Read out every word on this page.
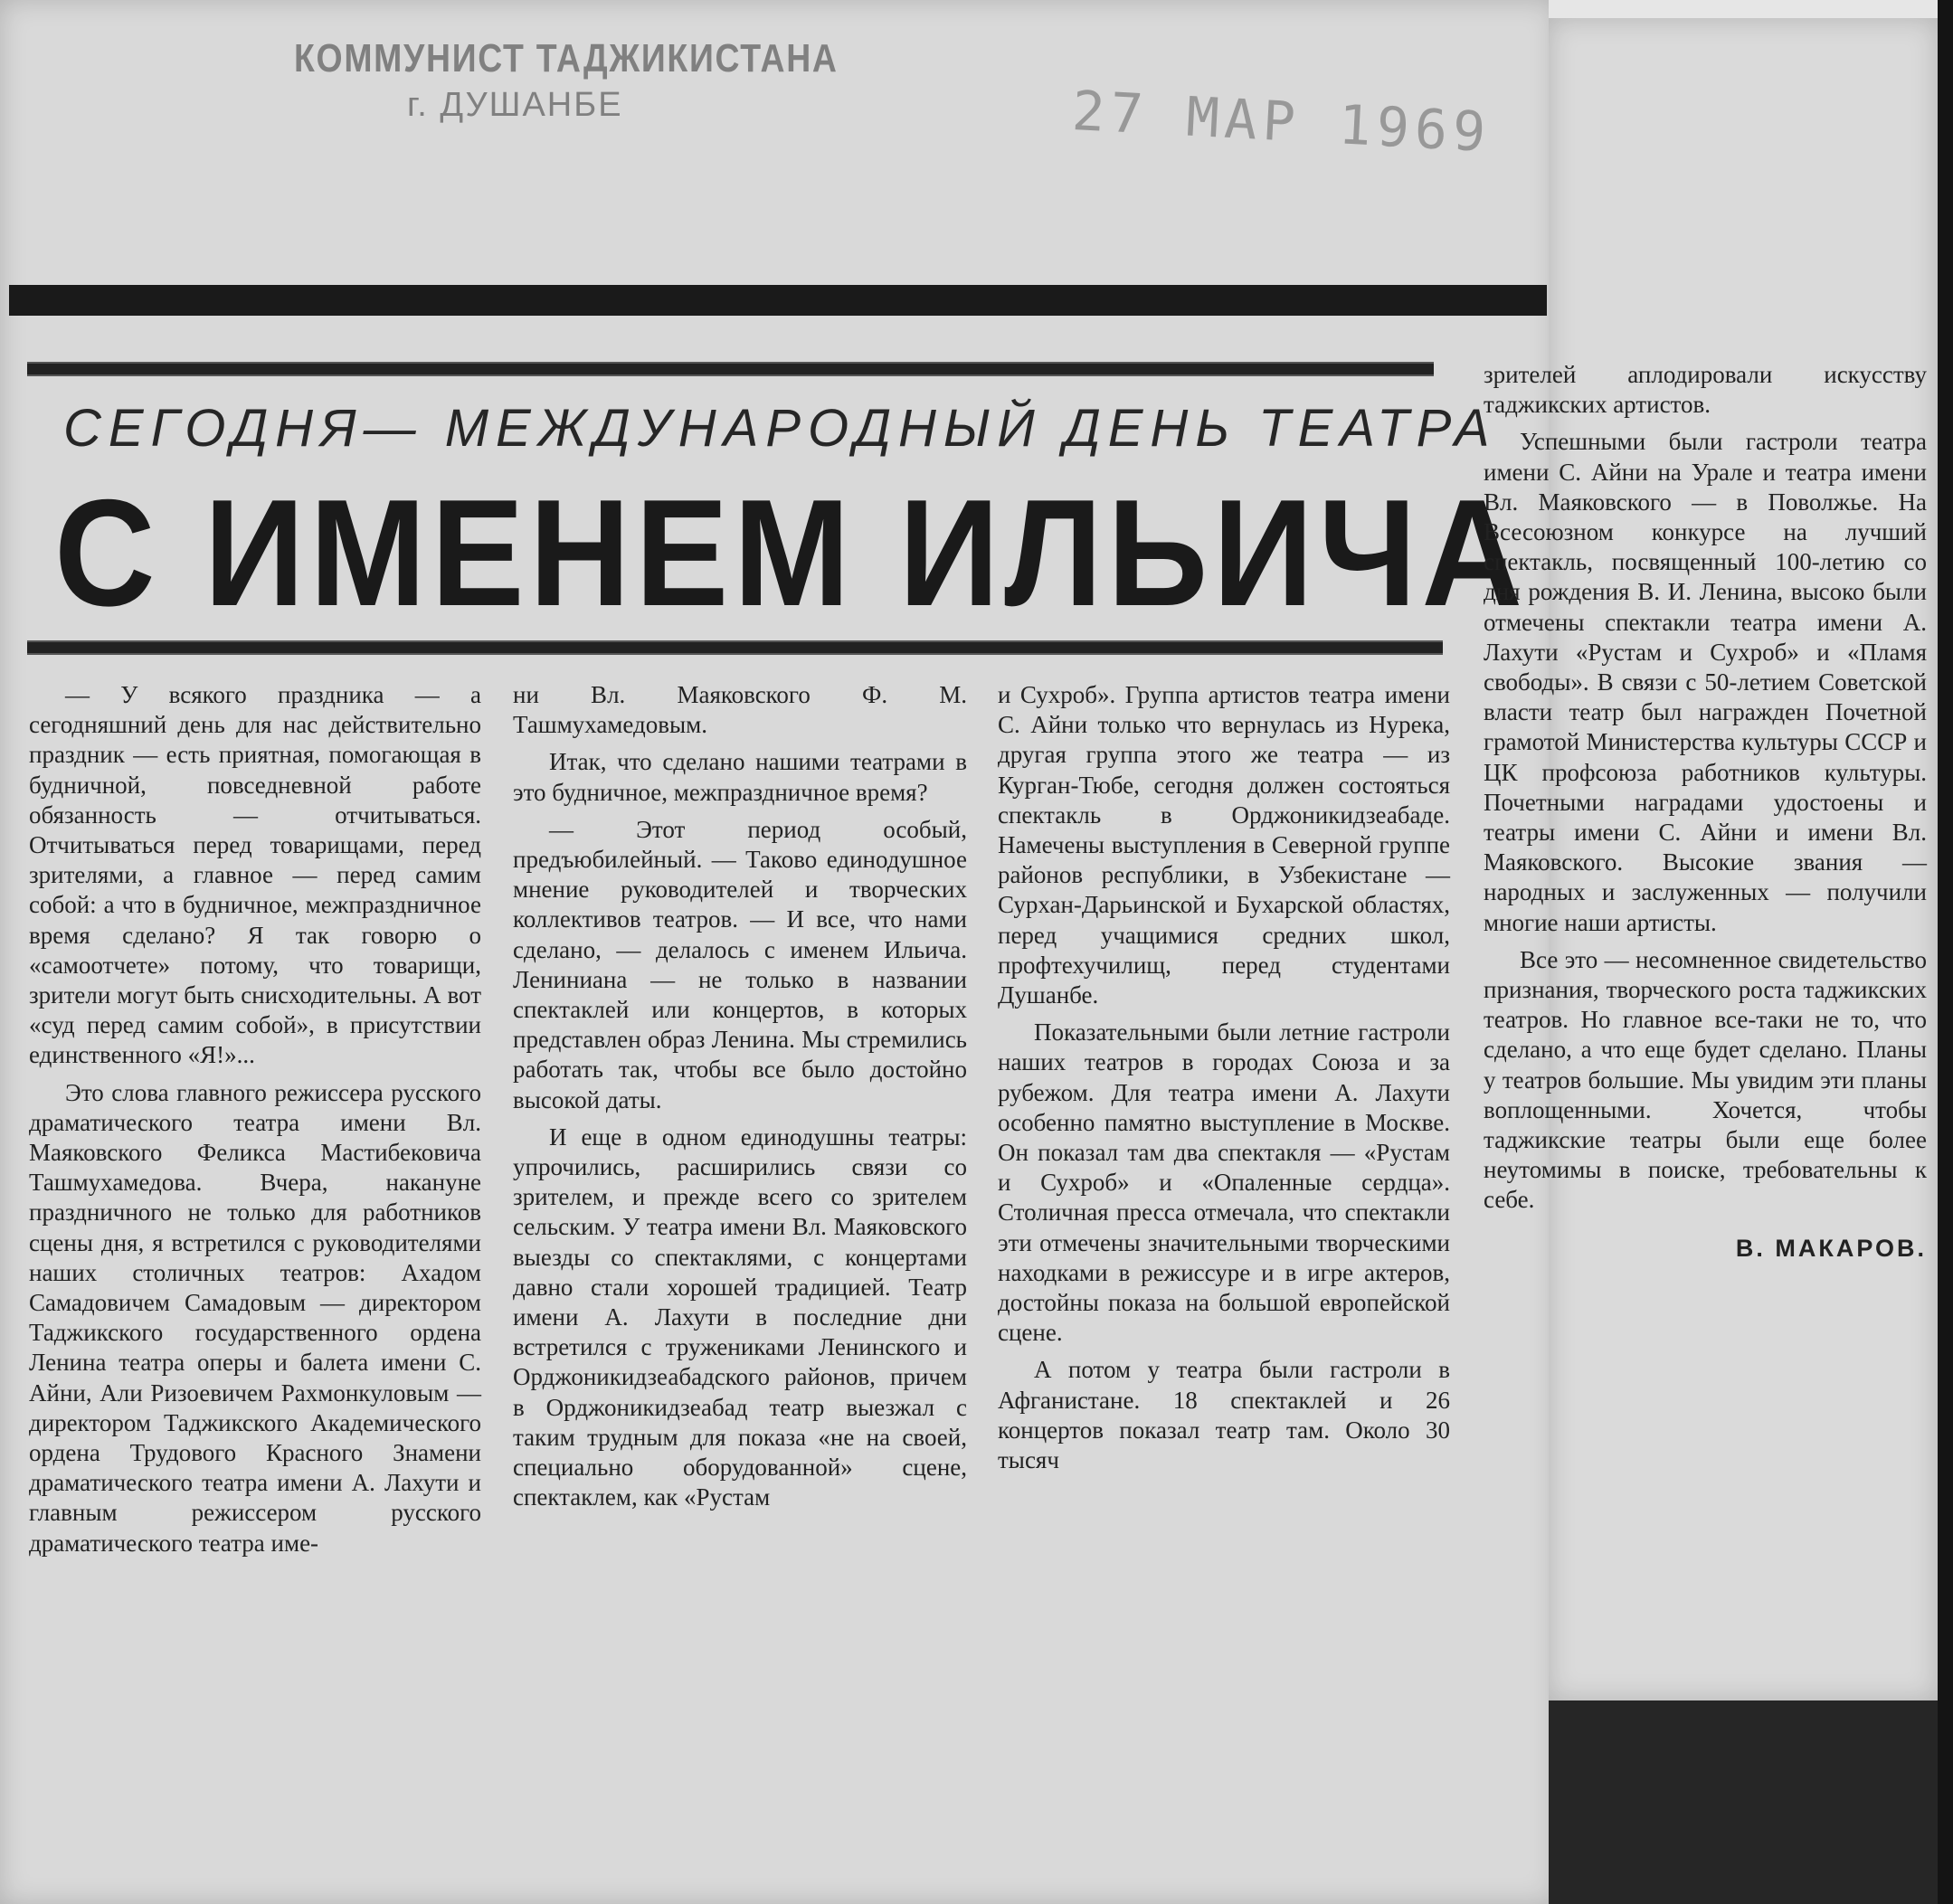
КОММУНИСТ ТАДЖИКИСТАНА
г. ДУШАНБЕ	27 МАР 1969
СЕГОДНЯ— МЕЖДУНАРОДНЫЙ ДЕНЬ ТЕАТРА
С ИМЕНЕМ ИЛЬИЧА

— У всякого праздника — а сегодняшний день для нас действительно праздник — есть приятная, помогающая в будничной, повседневной работе обязанность — отчитываться. Отчитываться перед товарищами, перед зрителями, а главное — перед самим собой: а что в будничное, межпраздничное время сделано? Я так говорю о «самоотчете» потому, что товарищи, зрители могут быть снисходительны. А вот «суд перед самим собой», в присутствии единственного «Я!»...

Это слова главного режиссера русского драматического театра имени Вл. Маяковского Феликса Мастибековича Ташмухамедова. Вчера, накануне праздничного не только для работников сцены дня, я встретился с руководителями наших столичных театров: Ахадом Самадовичем Самадовым — директором Таджикского государственного ордена Ленина театра оперы и балета имени С. Айни, Али Ризоевичем Рахмонкуловым — директором Таджикского Академического ордена Трудового Красного Знамени драматического театра имени А. Лахути и главным режиссером русского драматического театра име-

ни Вл. Маяковского Ф. М. Ташмухамедовым.

Итак, что сделано нашими театрами в это будничное, межпраздничное время?

— Этот период особый, предъюбилейный. — Таково единодушное мнение руководителей и творческих коллективов театров. — И все, что нами сделано, — делалось с именем Ильича. Лениниана — не только в названии спектаклей или концертов, в которых представлен образ Ленина. Мы стремились работать так, чтобы все было достойно высокой даты.

И еще в одном единодушны театры: упрочились, расширились связи со зрителем, и прежде всего со зрителем сельским. У театра имени Вл. Маяковского выезды со спектаклями, с концертами давно стали хорошей традицией. Театр имени А. Лахути в последние дни встретился с тружениками Ленинского и Орджоникидзеабадского районов, причем в Орджоникидзеабад театр выезжал с таким трудным для показа «не на своей, специально оборудованной» сцене, спектаклем, как «Рустам

и Сухроб». Группа артистов театра имени С. Айни только что вернулась из Нурека, другая группа этого же театра — из Курган-Тюбе, сегодня должен состояться спектакль в Орджоникидзеабаде. Намечены выступления в Северной группе районов республики, в Узбекистане — Сурхан-Дарьинской и Бухарской областях, перед учащимися средних школ, профтехучилищ, перед студентами Душанбе.

Показательными были летние гастроли наших театров в городах Союза и за рубежом. Для театра имени А. Лахути особенно памятно выступление в Москве. Он показал там два спектакля — «Рустам и Сухроб» и «Опаленные сердца». Столичная пресса отмечала, что спектакли эти отмечены значительными творческими находками в режиссуре и в игре актеров, достойны показа на большой европейской сцене.

А потом у театра были гастроли в Афганистане. 18 спектаклей и 26 концертов показал театр там. Около 30 тысяч

зрителей аплодировали искусству таджикских артистов.

Успешными были гастроли театра имени С. Айни на Урале и театра имени Вл. Маяковского — в Поволжье. На Всесоюзном конкурсе на лучший спектакль, посвященный 100-летию со дня рождения В. И. Ленина, высоко были отмечены спектакли театра имени А. Лахути «Рустам и Сухроб» и «Пламя свободы». В связи с 50-летием Советской власти театр был награжден Почетной грамотой Министерства культуры СССР и ЦК профсоюза работников культуры. Почетными наградами удостоены и театры имени С. Айни и имени Вл. Маяковского. Высокие звания — народных и заслуженных — получили многие наши артисты.

Все это — несомненное свидетельство признания, творческого роста таджикских театров. Но главное все-таки не то, что сделано, а что еще будет сделано. Планы у театров большие. Мы увидим эти планы воплощенными. Хочется, чтобы таджикские театры были еще более неутомимы в поиске, требовательны к себе.

В. МАКАРОВ.
